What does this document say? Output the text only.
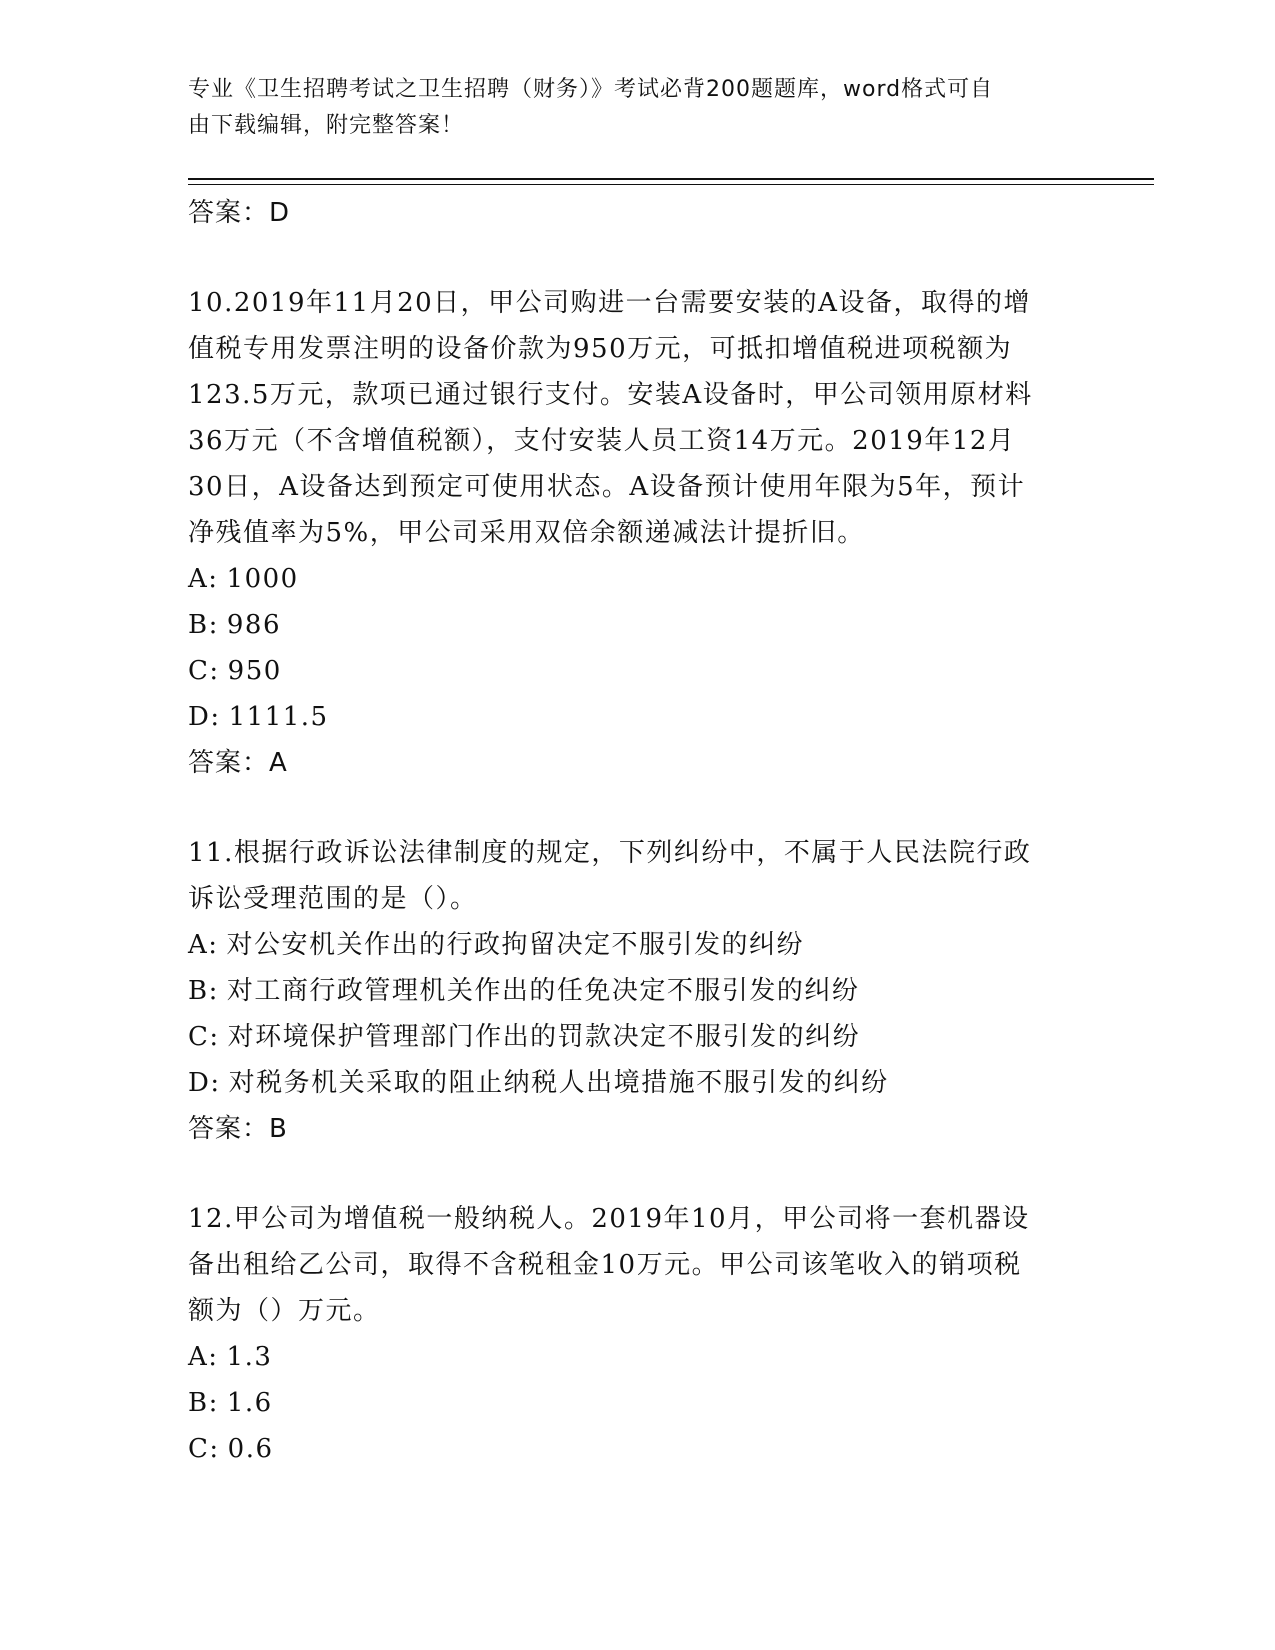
专业《卫生招聘考试之卫生招聘（财务）》考试必背200题题库，word格式可自
由下载编辑，附完整答案！
答案：D
10.2019年11月20日，甲公司购进一台需要安装的A设备，取得的增
值税专用发票注明的设备价款为950万元，可抵扣增值税进项税额为
123.5万元，款项已通过银行支付。安装A设备时，甲公司领用原材料
36万元（不含增值税额），支付安装人员工资14万元。2019年12月
30日，A设备达到预定可使用状态。A设备预计使用年限为5年，预计
净残值率为5%，甲公司采用双倍余额递减法计提折旧。
A: 1000
B: 986
C: 950
D: 1111.5
答案：A
11.根据行政诉讼法律制度的规定，下列纠纷中，不属于人民法院行政
诉讼受理范围的是（）。
A: 对公安机关作出的行政拘留决定不服引发的纠纷
B: 对工商行政管理机关作出的任免决定不服引发的纠纷
C: 对环境保护管理部门作出的罚款决定不服引发的纠纷
D: 对税务机关采取的阻止纳税人出境措施不服引发的纠纷
答案：B
12.甲公司为增值税一般纳税人。2019年10月，甲公司将一套机器设
备出租给乙公司，取得不含税租金10万元。甲公司该笔收入的销项税
额为（）万元。
A: 1.3
B: 1.6
C: 0.6
